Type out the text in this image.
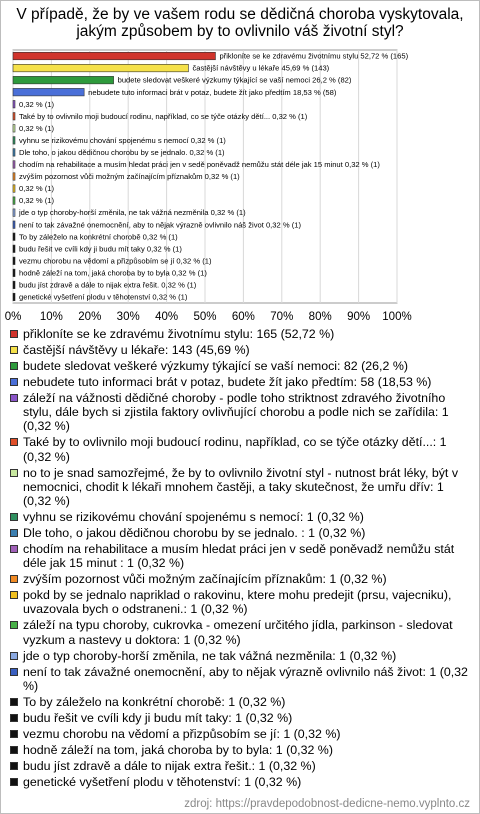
V případě, že by ve vašem rodu se dědičná choroba vyskytovala,
jakým způsobem by to ovlivnilo váš životní styl?
0% 10% 20% 30% 40% 50% 60% 70% 80% 90% 100%
přikloníte se ke zdravému životnímu stylu 52,72 % (165)
častější návštěvy u lékaře 45,69 % (143)
budete sledovat veškeré výzkumy týkající se vaší nemoci 26,2 % (82)
nebudete tuto informaci brát v potaz, budete žít jako předtím 18,53 % (58)
0,32 % (1)
Také by to ovlivnilo moji budoucí rodinu, například, co se týče otázky dětí... 0,32 % (1)
0,32 % (1)
vyhnu se rizikovému chování spojenému s nemocí 0,32 % (1)
Dle toho, o jakou dědičnou chorobu by se jednalo. 0,32 % (1)
chodím na rehabilitace a musím hledat práci jen v sedě poněvadž nemůžu stát déle jak 15 minut 0,32 % (1)
zvýším pozornost vůči možným začínajícím příznakům 0,32 % (1)
0,32 % (1)
0,32 % (1)
jde o typ choroby-horší změnila, ne tak vážná nezměnila 0,32 % (1)
není to tak závažné onemocnění, aby to nějak výrazně ovlivnilo náš život 0,32 % (1)
To by záleželo na konkrétní chorobě 0,32 % (1)
budu řešit ve cvíli kdy ji budu mít taky 0,32 % (1)
vezmu chorobu na vědomí a přizpůsobím se jí 0,32 % (1)
hodně záleží na tom, jaká choroba by to byla 0,32 % (1)
budu jíst zdravě a dále to nijak extra řešit. 0,32 % (1)
genetické vyšetření plodu v těhotenství 0,32 % (1)
přikloníte se ke zdravému životnímu stylu: 165 (52,72 %)
častější návštěvy u lékaře: 143 (45,69 %)
budete sledovat veškeré výzkumy týkající se vaší nemoci: 82 (26,2 %)
nebudete tuto informaci brát v potaz, budete žít jako předtím: 58 (18,53 %)
záleží na vážnosti dědičné choroby - podle toho striktnost zdravého životního stylu, dále bych si zjistila faktory ovlivňující chorobu a podle nich se zařídila: 1 (0,32 %)
Také by to ovlivnilo moji budoucí rodinu, například, co se týče otázky dětí...: 1 (0,32 %)
no to je snad samozřejmé, že by to ovlivnilo životní styl - nutnost brát léky, být v nemocnici, chodit k lékaři mnohem častěji, a taky skutečnost, že umřu dřív: 1 (0,32 %)
vyhnu se rizikovému chování spojenému s nemocí: 1 (0,32 %)
Dle toho, o jakou dědičnou chorobu by se jednalo. : 1 (0,32 %)
chodím na rehabilitace a musím hledat práci jen v sedě poněvadž nemůžu stát déle jak 15 minut : 1 (0,32 %)
zvýším pozornost vůči možným začínajícím příznakům: 1 (0,32 %)
pokd by se jednalo napriklad o rakovinu, ktere mohu predejit (prsu, vajecniku), uvazovala bych o odstraneni.: 1 (0,32 %)
záleží na typu choroby, cukrovka - omezení určitého jídla, parkinson - sledovat vyzkum a nastevy u doktora: 1 (0,32 %)
jde o typ choroby-horší změnila, ne tak vážná nezměnila: 1 (0,32 %)
není to tak závažné onemocnění, aby to nějak výrazně ovlivnilo náš život: 1 (0,32 %)
To by záleželo na konkrétní chorobě: 1 (0,32 %)
budu řešit ve cvíli kdy ji budu mít taky: 1 (0,32 %)
vezmu chorobu na vědomí a přizpůsobím se jí: 1 (0,32 %)
hodně záleží na tom, jaká choroba by to byla: 1 (0,32 %)
budu jíst zdravě a dále to nijak extra řešit.: 1 (0,32 %)
genetické vyšetření plodu v těhotenství: 1 (0,32 %)
zdroj: https://pravdepodobnost-dedicne-nemo.vyplnto.cz
